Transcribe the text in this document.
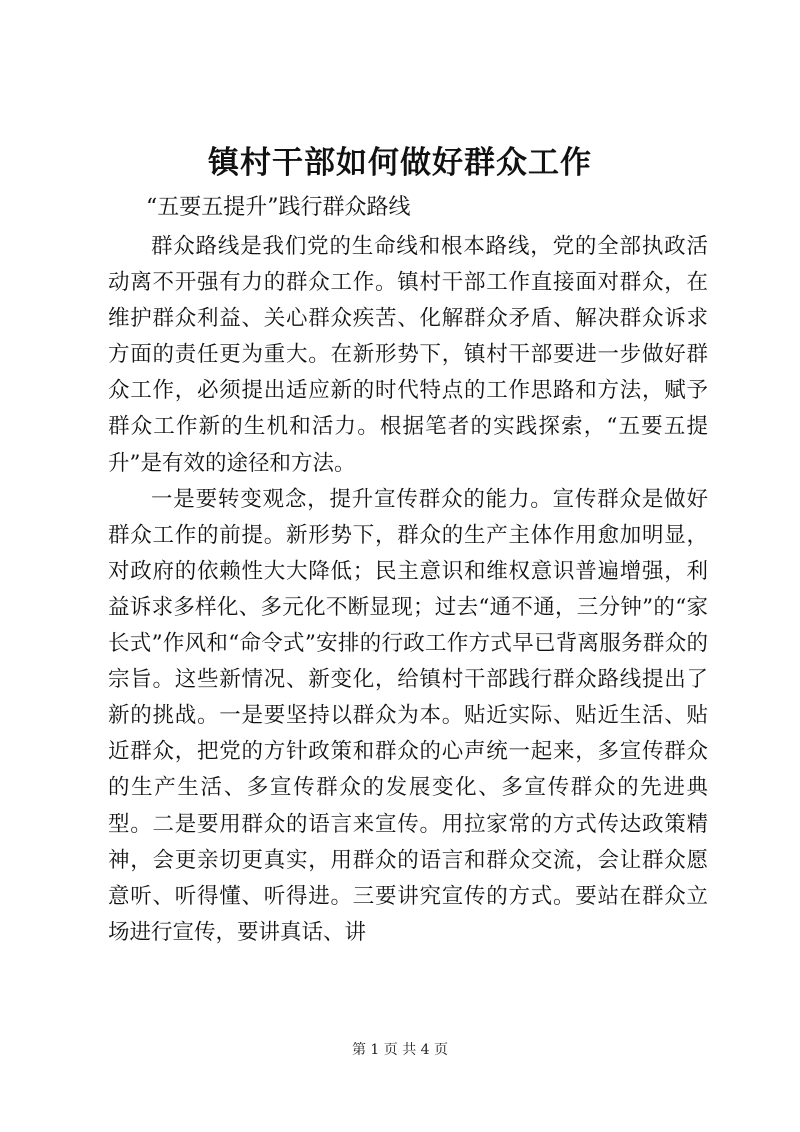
镇村干部如何做好群众工作
“五要五提升”践行群众路线

群众路线是我们党的生命线和根本路线，党的全部执政活动离不开强有力的群众工作。镇村干部工作直接面对群众，在维护群众利益、关心群众疾苦、化解群众矛盾、解决群众诉求方面的责任更为重大。在新形势下，镇村干部要进一步做好群众工作，必须提出适应新的时代特点的工作思路和方法，赋予群众工作新的生机和活力。根据笔者的实践探索，“五要五提升”是有效的途径和方法。

一是要转变观念，提升宣传群众的能力。宣传群众是做好群众工作的前提。新形势下，群众的生产主体作用愈加明显，对政府的依赖性大大降低；民主意识和维权意识普遍增强，利益诉求多样化、多元化不断显现；过去“通不通，三分钟”的“家长式”作风和“命令式”安排的行政工作方式早已背离服务群众的宗旨。这些新情况、新变化，给镇村干部践行群众路线提出了新的挑战。一是要坚持以群众为本。贴近实际、贴近生活、贴近群众，把党的方针政策和群众的心声统一起来，多宣传群众的生产生活、多宣传群众的发展变化、多宣传群众的先进典型。二是要用群众的语言来宣传。用拉家常的方式传达政策精神，会更亲切更真实，用群众的语言和群众交流，会让群众愿意听、听得懂、听得进。三要讲究宣传的方式。要站在群众立场进行宣传，要讲真话、讲

第 1 页 共 4 页
